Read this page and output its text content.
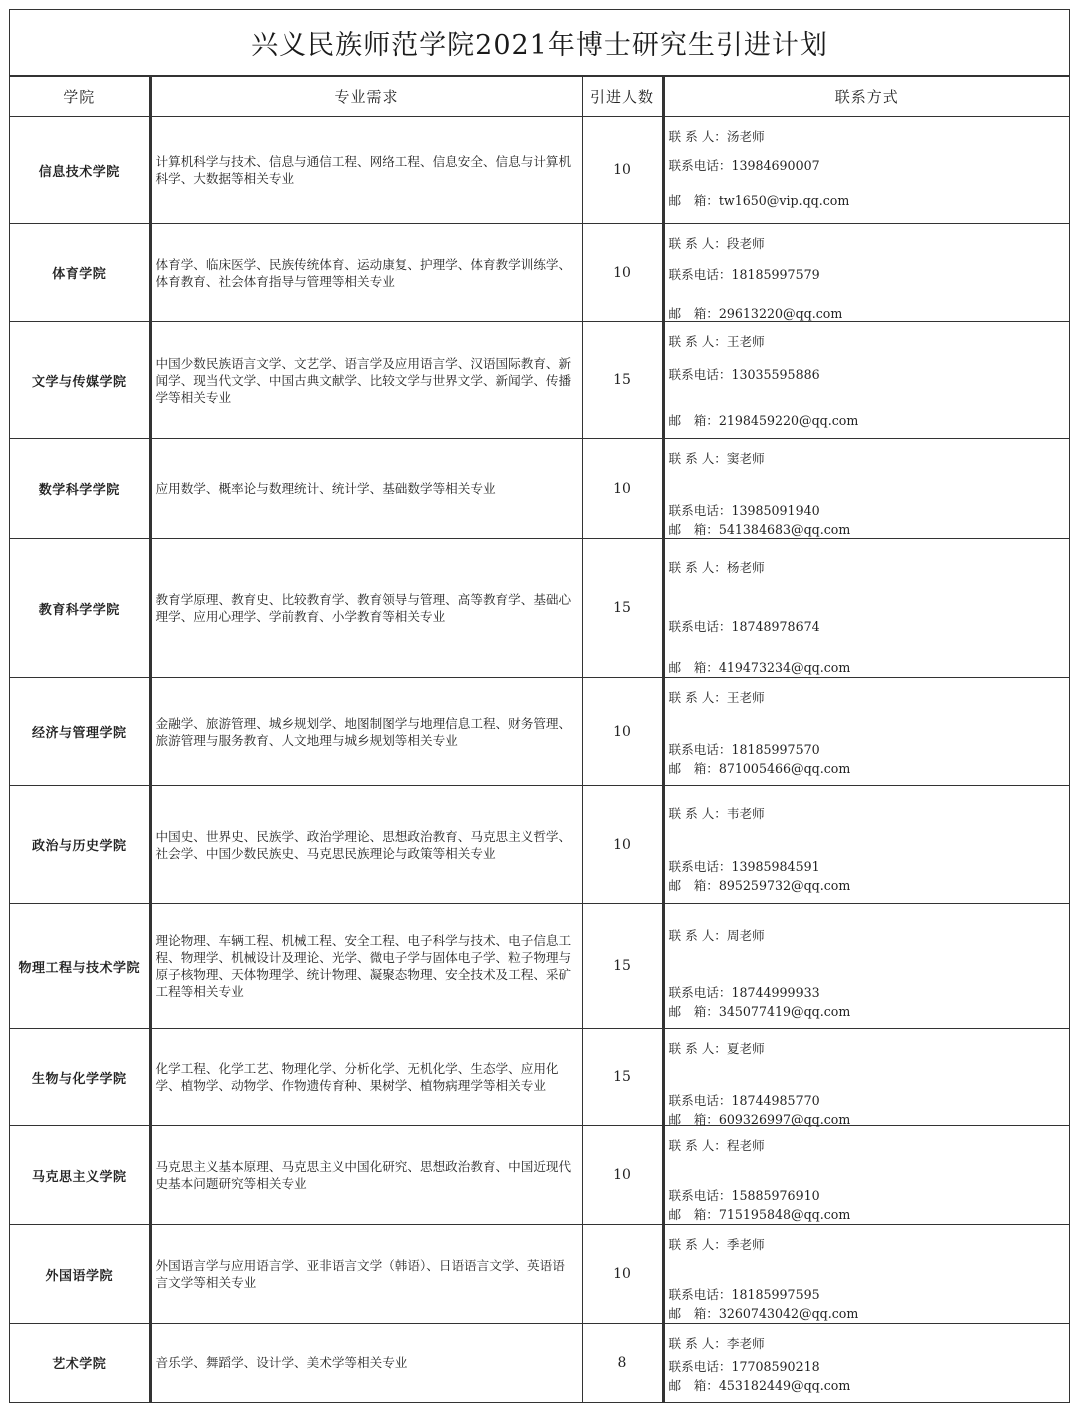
兴义民族师范学院2021年博士研究生引进计划
学院	专业需求	引进人数	联系方式
信息技术学院	计算机科学与技术、信息与通信工程、网络工程、信息安全、信息与计算机科学、大数据等相关专业	10	联 系 人：汤老师
联系电话：13984690007
邮　箱：tw1650@vip.qq.com

体育学院	体育学、临床医学、民族传统体育、运动康复、护理学、体育教学训练学、体育教育、社会体育指导与管理等相关专业	10	联 系 人：段老师
联系电话：18185997579
邮　箱：29613220@qq.com

文学与传媒学院	中国少数民族语言文学、文艺学、语言学及应用语言学、汉语国际教育、新闻学、现当代文学、中国古典文献学、比较文学与世界文学、新闻学、传播学等相关专业	15	联 系 人：王老师
联系电话：13035595886
邮　箱：2198459220@qq.com

数学科学学院	应用数学、概率论与数理统计、统计学、基础数学等相关专业	10	联 系 人：窦老师
联系电话：13985091940
邮　箱：541384683@qq.com

教育科学学院	教育学原理、教育史、比较教育学、教育领导与管理、高等教育学、基础心理学、应用心理学、学前教育、小学教育等相关专业	15	联 系 人：杨老师
联系电话：18748978674
邮　箱：419473234@qq.com

经济与管理学院	金融学、旅游管理、城乡规划学、地图制图学与地理信息工程、财务管理、旅游管理与服务教育、人文地理与城乡规划等相关专业	10	联 系 人：王老师
联系电话：18185997570
邮　箱：871005466@qq.com

政治与历史学院	中国史、世界史、民族学、政治学理论、思想政治教育、马克思主义哲学、社会学、中国少数民族史、马克思民族理论与政策等相关专业	10	联 系 人：韦老师
联系电话：13985984591
邮　箱：895259732@qq.com

物理工程与技术学院	理论物理、车辆工程、机械工程、安全工程、电子科学与技术、电子信息工程、物理学、机械设计及理论、光学、微电子学与固体电子学、粒子物理与原子核物理、天体物理学、统计物理、凝聚态物理、安全技术及工程、采矿工程等相关专业	15	联 系 人：周老师
联系电话：18744999933
邮　箱：345077419@qq.com

生物与化学学院	化学工程、化学工艺、物理化学、分析化学、无机化学、生态学、应用化学、植物学、动物学、作物遗传育种、果树学、植物病理学等相关专业	15	联 系 人：夏老师
联系电话：18744985770
邮　箱：609326997@qq.com

马克思主义学院	马克思主义基本原理、马克思主义中国化研究、思想政治教育、中国近现代史基本问题研究等相关专业	10	联 系 人：程老师
联系电话：15885976910
邮　箱：715195848@qq.com

外国语学院	外国语言学与应用语言学、亚非语言文学（韩语）、日语语言文学、英语语言文学等相关专业	10	联 系 人：季老师
联系电话：18185997595
邮　箱：3260743042@qq.com

艺术学院	音乐学、舞蹈学、设计学、美术学等相关专业	8	联 系 人：李老师
联系电话：17708590218
邮　箱：453182449@qq.com
